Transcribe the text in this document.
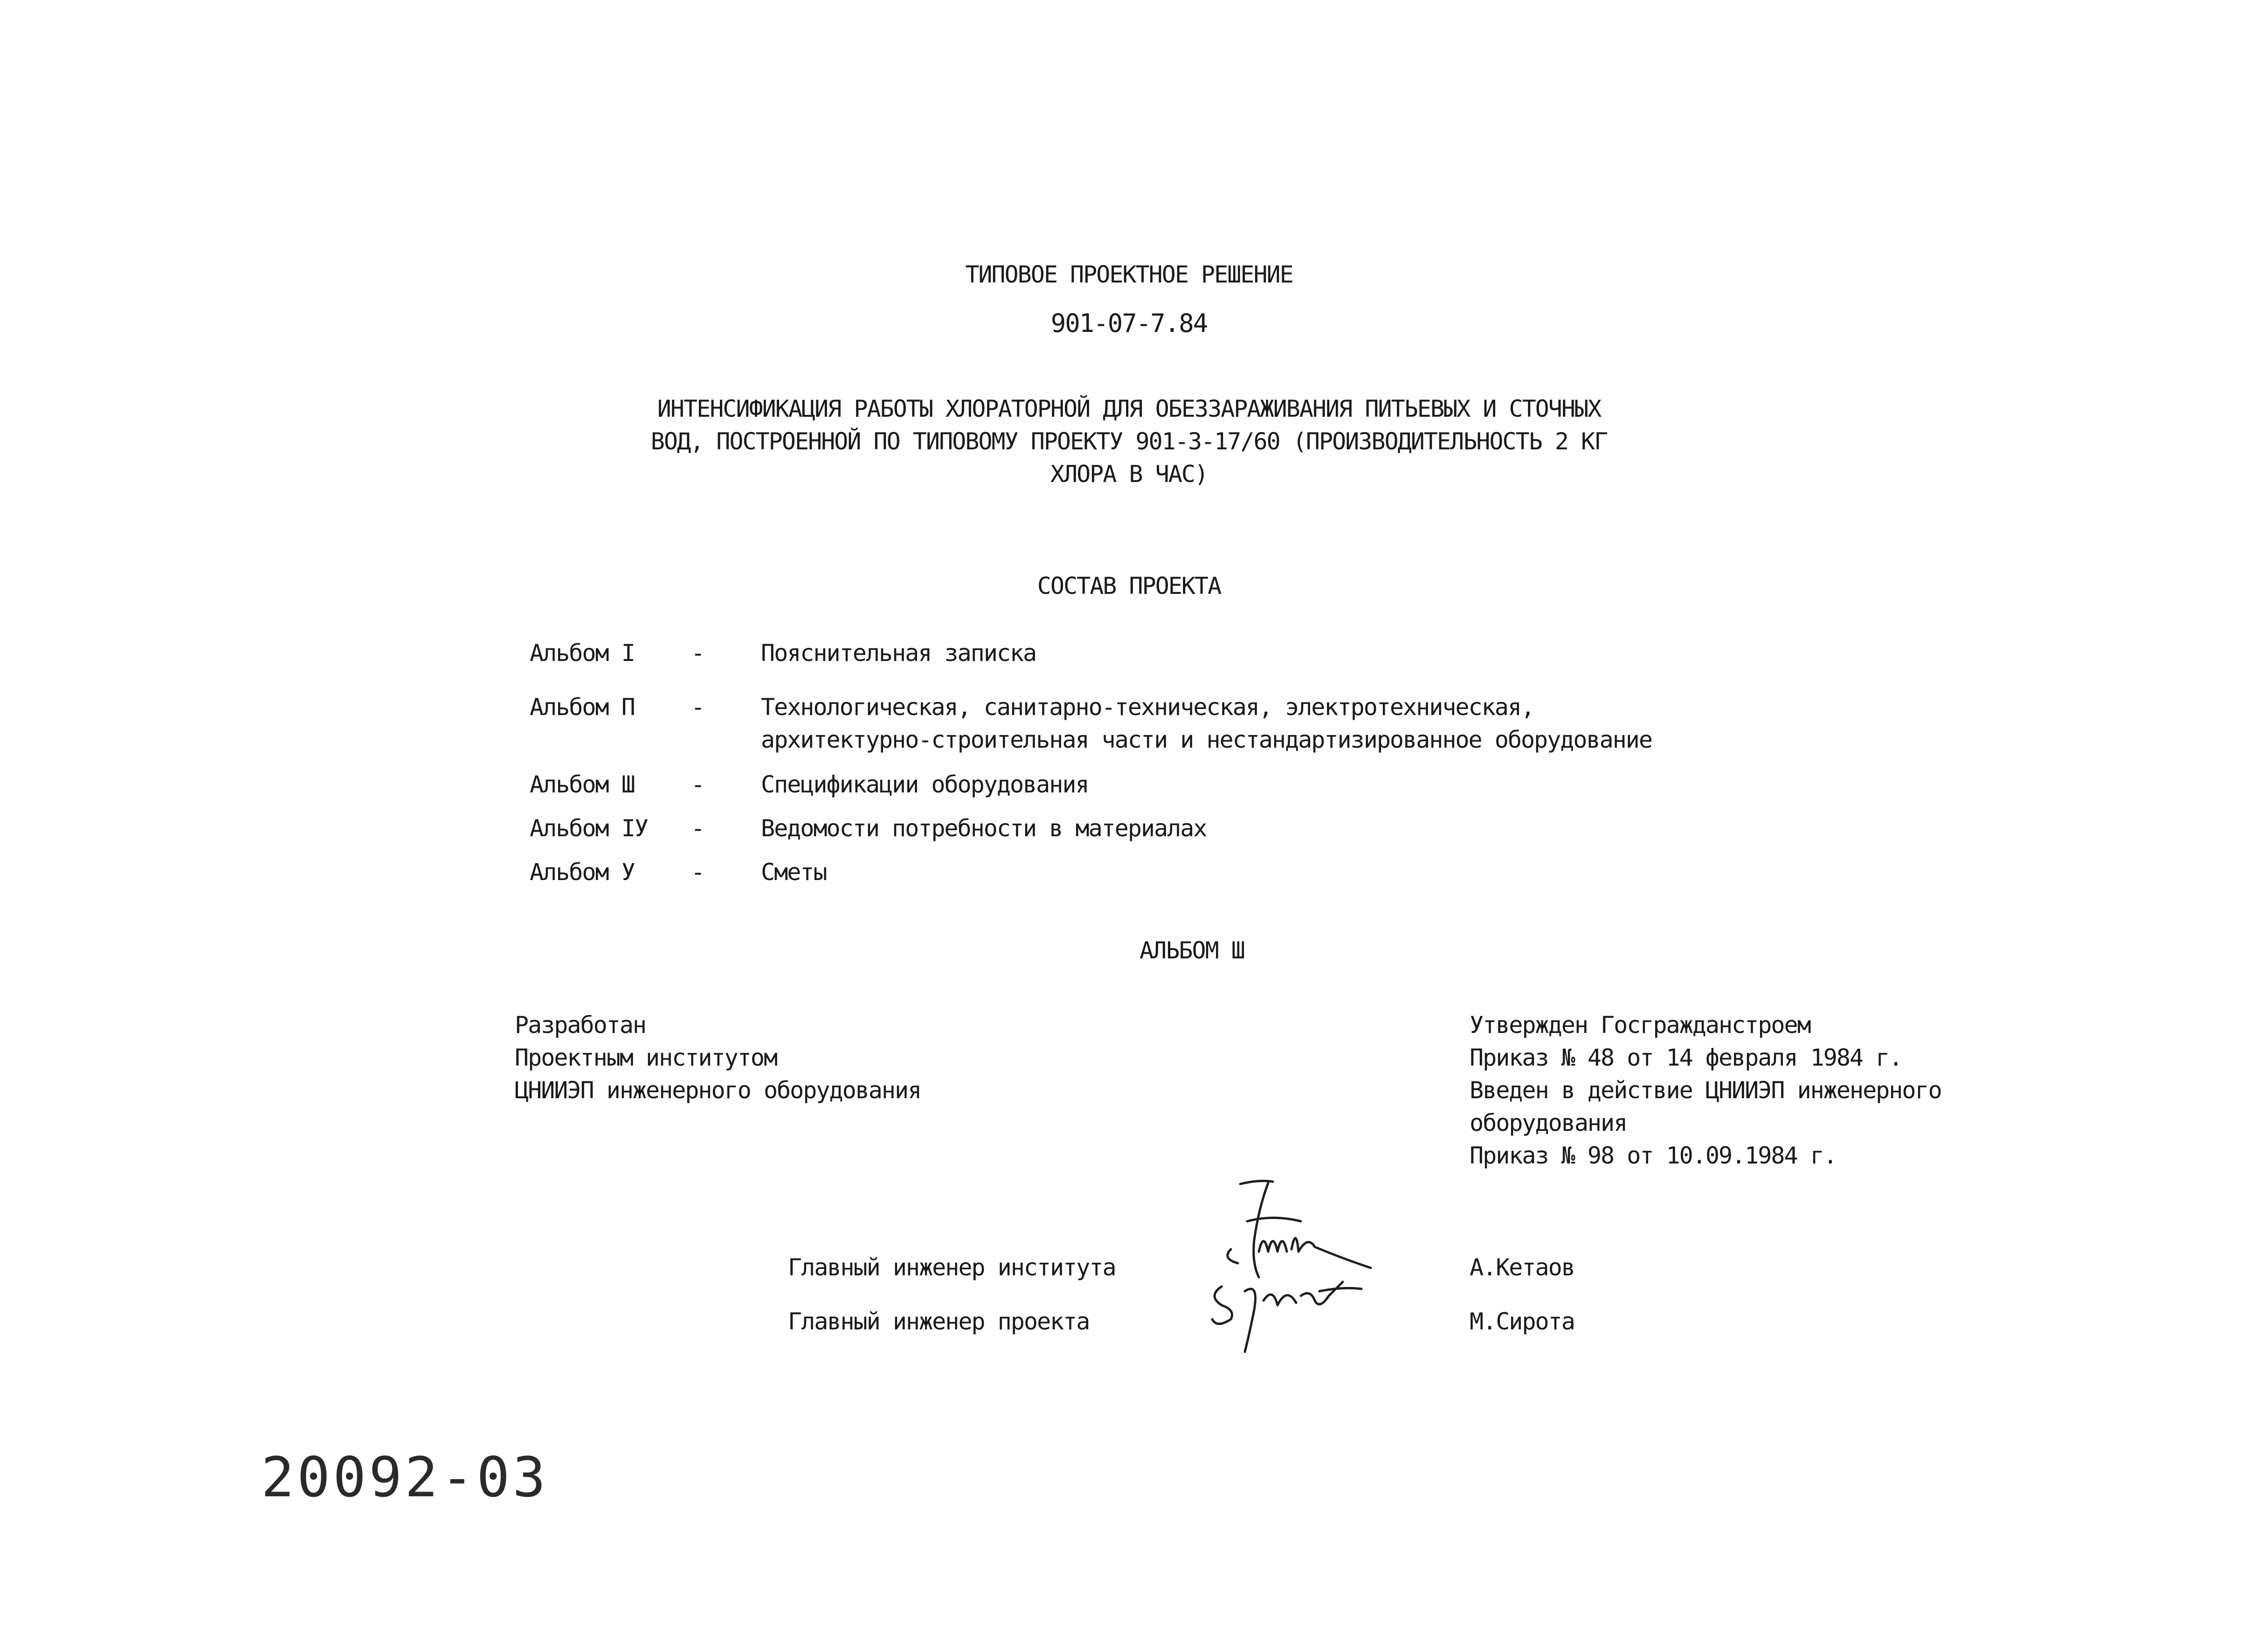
ТИПОВОЕ ПРОЕКТНОЕ РЕШЕНИЕ
901-07-7.84
ИНТЕНСИФИКАЦИЯ РАБОТЫ ХЛОРАТОРНОЙ ДЛЯ ОБЕЗЗАРАЖИВАНИЯ ПИТЬЕВЫХ И СТОЧНЫХ
ВОД, ПОСТРОЕННОЙ ПО ТИПОВОМУ ПРОЕКТУ 901-3-17/60 (ПРОИЗВОДИТЕЛЬНОСТЬ 2 КГ
ХЛОРА В ЧАС)
СОСТАВ ПРОЕКТА
Альбом I - Пояснительная записка
Альбом П - Технологическая, санитарно-техническая, электротехническая,
архитектурно-строительная части и нестандартизированное оборудование
Альбом Ш - Спецификации оборудования
Альбом IУ - Ведомости потребности в материалах
Альбом У - Сметы
АЛЬБОМ Ш
Разработан
Проектным институтом
ЦНИИЭП инженерного оборудования
Утвержден Госгражданстроем
Приказ № 48 от 14 февраля 1984 г.
Введен в действие ЦНИИЭП инженерного
оборудования
Приказ № 98 от 10.09.1984 г.
Главный инженер института	А.Кетаов
Главный инженер проекта	М.Сирота
20092-03
